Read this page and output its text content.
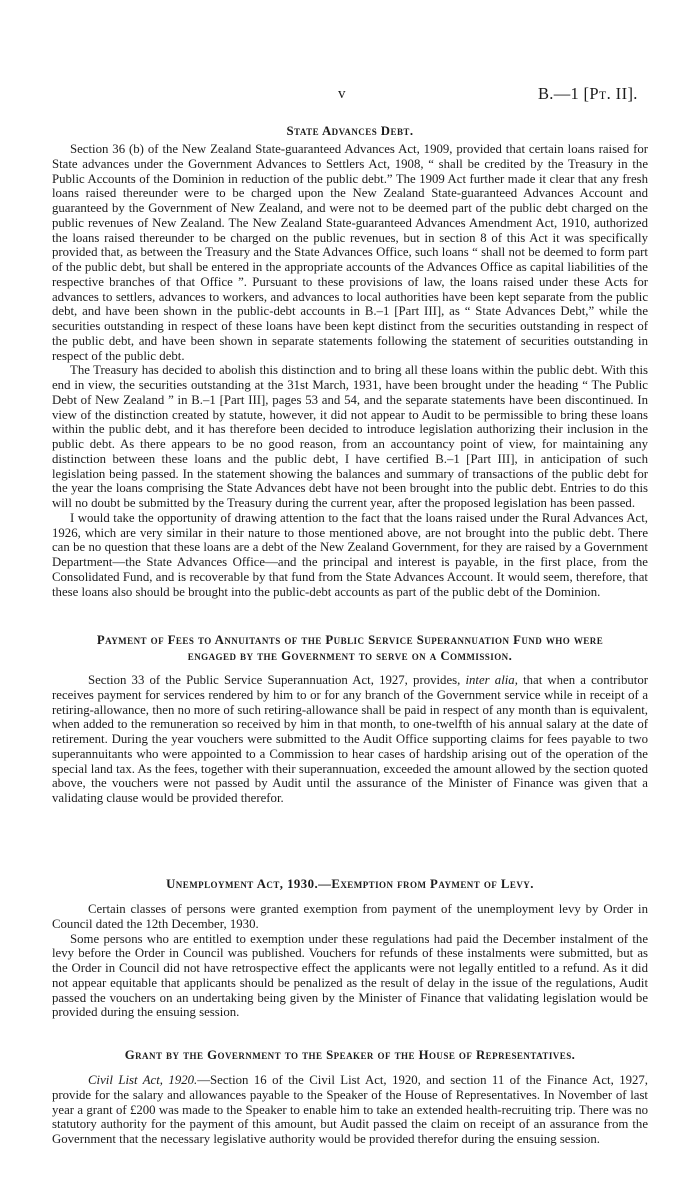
v	B.—1 [Pt. II].
State Advances Debt.

Section 36 (b) of the New Zealand State-guaranteed Advances Act, 1909, provided that certain loans raised for State advances under the Government Advances to Settlers Act, 1908, “ shall be credited by the Treasury in the Public Accounts of the Dominion in reduction of the public debt.” The 1909 Act further made it clear that any fresh loans raised thereunder were to be charged upon the New Zealand State-guaranteed Advances Account and guaranteed by the Government of New Zealand, and were not to be deemed part of the public debt charged on the public revenues of New Zealand. The New Zealand State-guaranteed Advances Amendment Act, 1910, authorized the loans raised thereunder to be charged on the public revenues, but in section 8 of this Act it was specifically provided that, as between the Treasury and the State Advances Office, such loans “ shall not be deemed to form part of the public debt, but shall be entered in the appropriate accounts of the Advances Office as capital liabilities of the respective branches of that Office ”. Pursuant to these provisions of law, the loans raised under these Acts for advances to settlers, advances to workers, and advances to local authorities have been kept separate from the public debt, and have been shown in the public-debt accounts in B.–1 [Part III], as “ State Advances Debt,” while the securities outstanding in respect of these loans have been kept distinct from the securities outstanding in respect of the public debt, and have been shown in separate statements following the statement of securities outstanding in respect of the public debt.

The Treasury has decided to abolish this distinction and to bring all these loans within the public debt. With this end in view, the securities outstanding at the 31st March, 1931, have been brought under the heading “ The Public Debt of New Zealand ” in B.–1 [Part III], pages 53 and 54, and the separate statements have been discontinued. In view of the distinction created by statute, however, it did not appear to Audit to be permissible to bring these loans within the public debt, and it has therefore been decided to introduce legislation authorizing their inclusion in the public debt. As there appears to be no good reason, from an accountancy point of view, for maintaining any distinction between these loans and the public debt, I have certified B.–1 [Part III], in anticipation of such legislation being passed. In the statement showing the balances and summary of transactions of the public debt for the year the loans comprising the State Advances debt have not been brought into the public debt. Entries to do this will no doubt be submitted by the Treasury during the current year, after the proposed legislation has been passed.

I would take the opportunity of drawing attention to the fact that the loans raised under the Rural Advances Act, 1926, which are very similar in their nature to those mentioned above, are not brought into the public debt. There can be no question that these loans are a debt of the New Zealand Government, for they are raised by a Government Department—the State Advances Office—and the principal and interest is payable, in the first place, from the Consolidated Fund, and is recoverable by that fund from the State Advances Account. It would seem, therefore, that these loans also should be brought into the public-debt accounts as part of the public debt of the Dominion.

Payment of Fees to Annuitants of the Public Service Superannuation Fund who were
engaged by the Government to serve on a Commission.

Section 33 of the Public Service Superannuation Act, 1927, provides, inter alia, that when a contributor receives payment for services rendered by him to or for any branch of the Government service while in receipt of a retiring-allowance, then no more of such retiring-allowance shall be paid in respect of any month than is equivalent, when added to the remuneration so received by him in that month, to one-twelfth of his annual salary at the date of retirement. During the year vouchers were submitted to the Audit Office supporting claims for fees payable to two superannuitants who were appointed to a Commission to hear cases of hardship arising out of the operation of the special land tax. As the fees, together with their superannuation, exceeded the amount allowed by the section quoted above, the vouchers were not passed by Audit until the assurance of the Minister of Finance was given that a validating clause would be provided therefor.

Unemployment Act, 1930.—Exemption from Payment of Levy.

Certain classes of persons were granted exemption from payment of the unemployment levy by Order in Council dated the 12th December, 1930.

Some persons who are entitled to exemption under these regulations had paid the December instalment of the levy before the Order in Council was published. Vouchers for refunds of these instalments were submitted, but as the Order in Council did not have retrospective effect the applicants were not legally entitled to a refund. As it did not appear equitable that applicants should be penalized as the result of delay in the issue of the regulations, Audit passed the vouchers on an undertaking being given by the Minister of Finance that validating legislation would be provided during the ensuing session.

Grant by the Government to the Speaker of the House of Representatives.

Civil List Act, 1920.—Section 16 of the Civil List Act, 1920, and section 11 of the Finance Act, 1927, provide for the salary and allowances payable to the Speaker of the House of Representatives. In November of last year a grant of £200 was made to the Speaker to enable him to take an extended health-recruiting trip. There was no statutory authority for the payment of this amount, but Audit passed the claim on receipt of an assurance from the Government that the necessary legislative authority would be provided therefor during the ensuing session.
